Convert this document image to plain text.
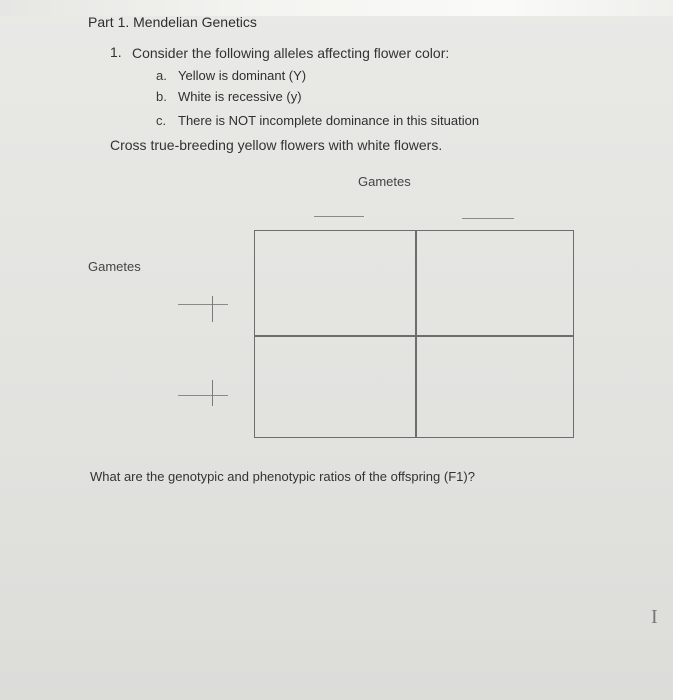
Part 1. Mendelian Genetics
1. Consider the following alleles affecting flower color:
a. Yellow is dominant (Y)
b. White is recessive (y)
c. There is NOT incomplete dominance in this situation
Cross true-breeding yellow flowers with white flowers.
Gametes
Gametes
What are the genotypic and phenotypic ratios of the offspring (F1)?
I
